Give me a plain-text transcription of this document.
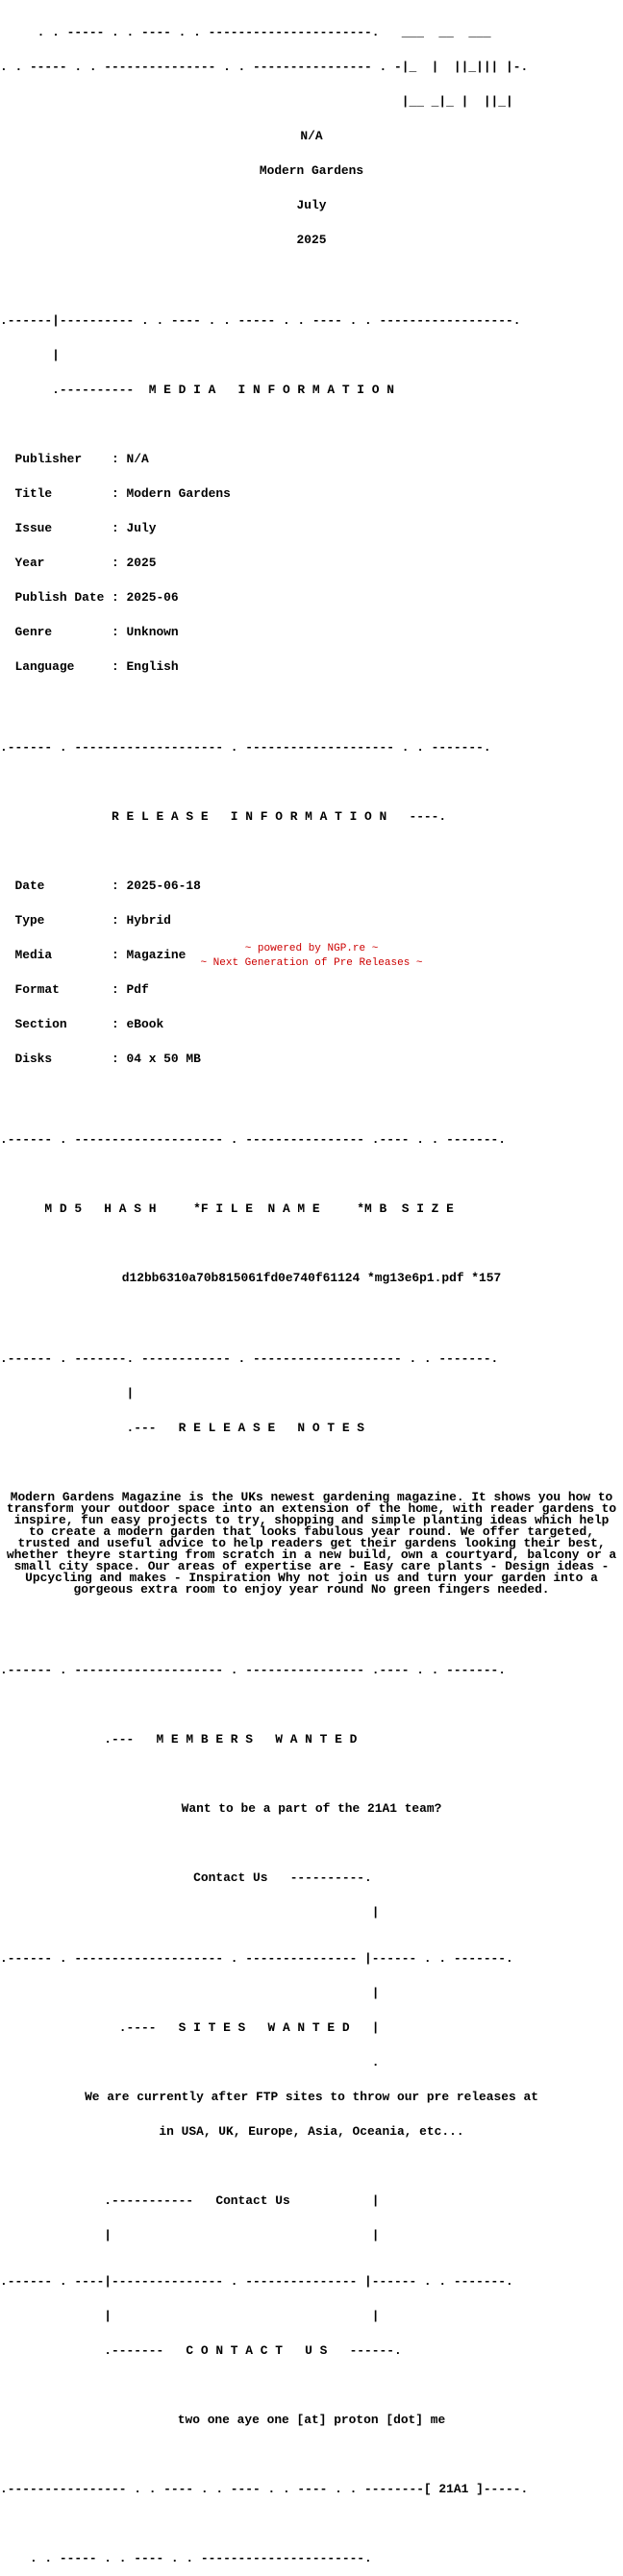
. . ----- . . ---- . . ----------------------.   ___  __  ___

. . ----- . . --------------- . . ---------------- . -|_  |  ||_||| |-.

|__ _|_ |  ||_|

N/A

Modern Gardens

July

2025

.------|---------- . . ---- . . ----- . . ---- . . ------------------.

|

.----------  M E D I A   I N F O R M A T I O N

Publisher    : N/A

Title        : Modern Gardens

Issue        : July

Year         : 2025

Publish Date : 2025-06

Genre        : Unknown

Language     : English

.------ . -------------------- . -------------------- . . -------.

R E L E A S E   I N F O R M A T I O N   ----.

Date         : 2025-06-18

Type         : Hybrid

Media        : Magazine

Format       : Pdf

Section      : eBook

Disks        : 04 x 50 MB

.------ . -------------------- . ---------------- .---- . . -------.

M D 5   H A S H     *F I L E  N A M E     *M B  S I Z E

d12bb6310a70b815061fd0e740f61124 *mg13e6p1.pdf *157

.------ . -------. ------------ . -------------------- . . -------.

|

.---   R E L E A S E   N O T E S

Modern Gardens Magazine is the UKs newest gardening magazine. It shows you how to transform your outdoor space into an extension of the home, with reader gardens to inspire, fun easy projects to try, shopping and simple planting ideas which help to create a modern garden that looks fabulous year round. We offer targeted, trusted and useful advice to help readers get their gardens looking their best, whether theyre starting from scratch in a new build, own a courtyard, balcony or a small city space. Our areas of expertise are - Easy care plants - Design ideas - Upcycling and makes - Inspiration Why not join us and turn your garden into a gorgeous extra room to enjoy year round No green fingers needed.

.------ . -------------------- . ---------------- .---- . . -------.

.---   M E M B E R S   W A N T E D

Want to be a part of the 21A1 team?

Contact Us   ----------.

|

.------ . -------------------- . --------------- |------ . . -------.

|

.----   S I T E S   W A N T E D   |

.

We are currently after FTP sites to throw our pre releases at

in USA, UK, Europe, Asia, Oceania, etc...

.-----------   Contact Us           |

|                                   |

.------ . ----|--------------- . --------------- |------ . . -------.

|                                   |

.-------   C O N T A C T   U S   ------.

two one aye one [at] proton [dot] me

.---------------- . . ---- . . ---- . . ---- . . --------[ 21A1 ]-----.

. . ----- . . ---- . . ----------------------.

~ powered by NGP.re ~
~ Next Generation of Pre Releases ~
